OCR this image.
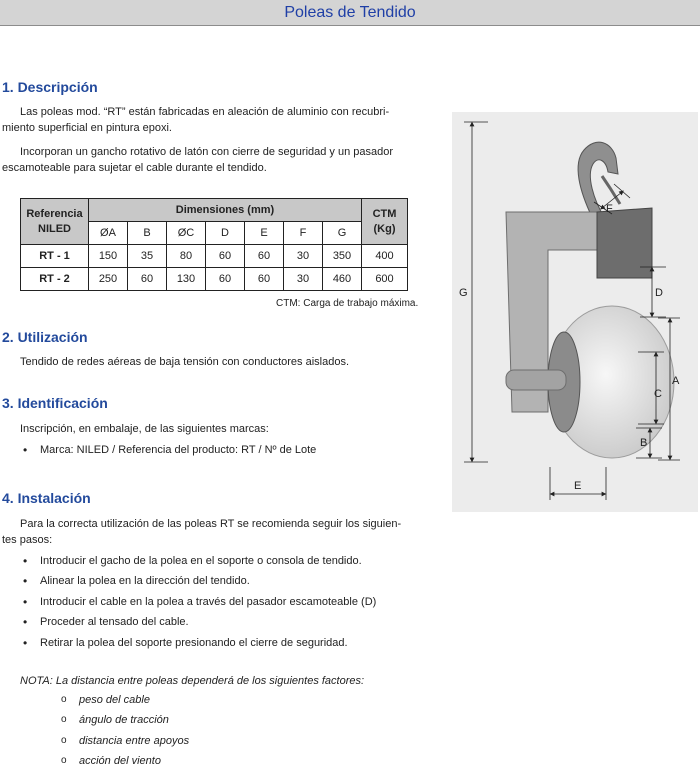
Poleas de Tendido
1. Descripción

Las poleas mod. “RT” están fabricadas en aleación de aluminio con recubri-

miento superficial en pintura epoxi.

Incorporan un gancho rotativo de latón con cierre de seguridad y un pasador

escamoteable para sujetar el cable durante el tendido.

Referencia
NILED	Dimensiones (mm)							CTM
(Kg)
	ØA	B	ØC	D	E	F	G	
RT - 1	150	35	80	60	60	30	350	400
RT - 2	250	60	130	60	60	30	460	600
CTM: Carga de trabajo máxima.
2. Utilización

Tendido de redes aéreas de baja tensión con conductores aislados.

3. Identificación

Inscripción, en embalaje, de las siguientes marcas:

• Marca: NILED / Referencia del producto: RT / Nº de Lote

4. Instalación

Para la correcta utilización de las poleas RT se recomienda seguir los siguien-

tes pasos:

• Introducir el gacho de la polea en el soporte o consola de tendido.

• Alinear la polea en la dirección del tendido.

• Introducir el cable en la polea a través del pasador escamoteable (D)

• Proceder al tensado del cable.

• Retirar la polea del soporte presionando el cierre de seguridad.

NOTA: La distancia entre poleas dependerá de los siguientes factores:

o peso del cable

o ángulo de tracción

o distancia entre apoyos

o acción del viento

G	D
C
A
B
E
F
